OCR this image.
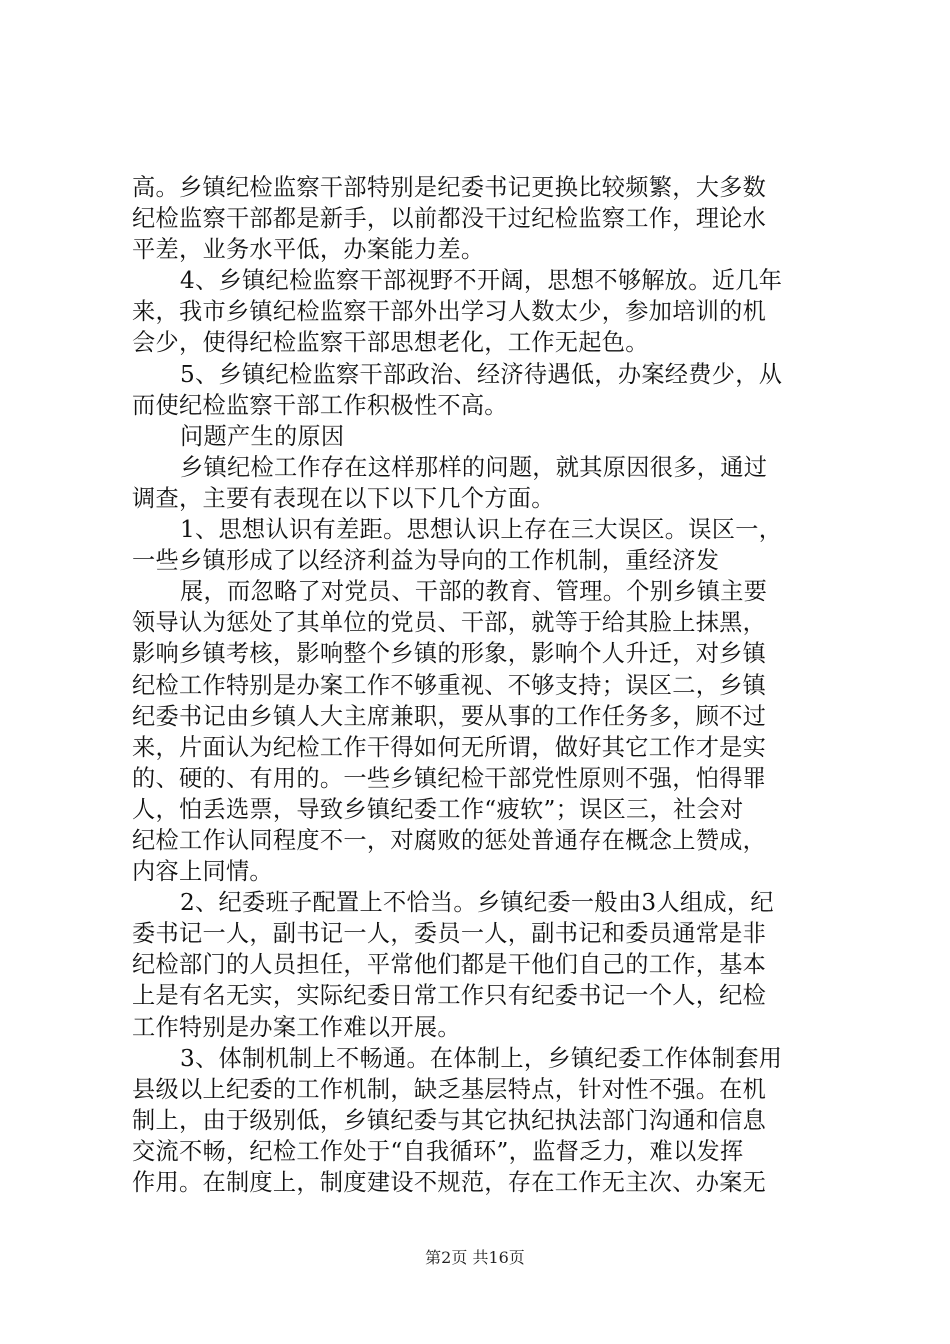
高。乡镇纪检监察干部特别是纪委书记更换比较频繁，大多数
纪检监察干部都是新手，以前都没干过纪检监察工作，理论水
平差，业务水平低，办案能力差。
4、乡镇纪检监察干部视野不开阔，思想不够解放。近几年
来，我市乡镇纪检监察干部外出学习人数太少，参加培训的机
会少，使得纪检监察干部思想老化，工作无起色。
5、乡镇纪检监察干部政治、经济待遇低，办案经费少，从
而使纪检监察干部工作积极性不高。
问题产生的原因
乡镇纪检工作存在这样那样的问题，就其原因很多，通过
调查，主要有表现在以下以下几个方面。
1、思想认识有差距。思想认识上存在三大误区。误区一，
一些乡镇形成了以经济利益为导向的工作机制，重经济发
展，而忽略了对党员、干部的教育、管理。个别乡镇主要
领导认为惩处了其单位的党员、干部，就等于给其脸上抹黑，
影响乡镇考核，影响整个乡镇的形象，影响个人升迁，对乡镇
纪检工作特别是办案工作不够重视、不够支持；误区二，乡镇
纪委书记由乡镇人大主席兼职，要从事的工作任务多，顾不过
来，片面认为纪检工作干得如何无所谓，做好其它工作才是实
的、硬的、有用的。一些乡镇纪检干部党性原则不强，怕得罪
人，怕丢选票，导致乡镇纪委工作“疲软”；误区三，社会对
纪检工作认同程度不一，对腐败的惩处普通存在概念上赞成，
内容上同情。
2、纪委班子配置上不恰当。乡镇纪委一般由3人组成，纪
委书记一人，副书记一人，委员一人，副书记和委员通常是非
纪检部门的人员担任，平常他们都是干他们自己的工作，基本
上是有名无实，实际纪委日常工作只有纪委书记一个人，纪检
工作特别是办案工作难以开展。
3、体制机制上不畅通。在体制上，乡镇纪委工作体制套用
县级以上纪委的工作机制，缺乏基层特点，针对性不强。在机
制上，由于级别低，乡镇纪委与其它执纪执法部门沟通和信息
交流不畅，纪检工作处于“自我循环”，监督乏力，难以发挥
作用。在制度上，制度建设不规范，存在工作无主次、办案无
第2页 共16页
